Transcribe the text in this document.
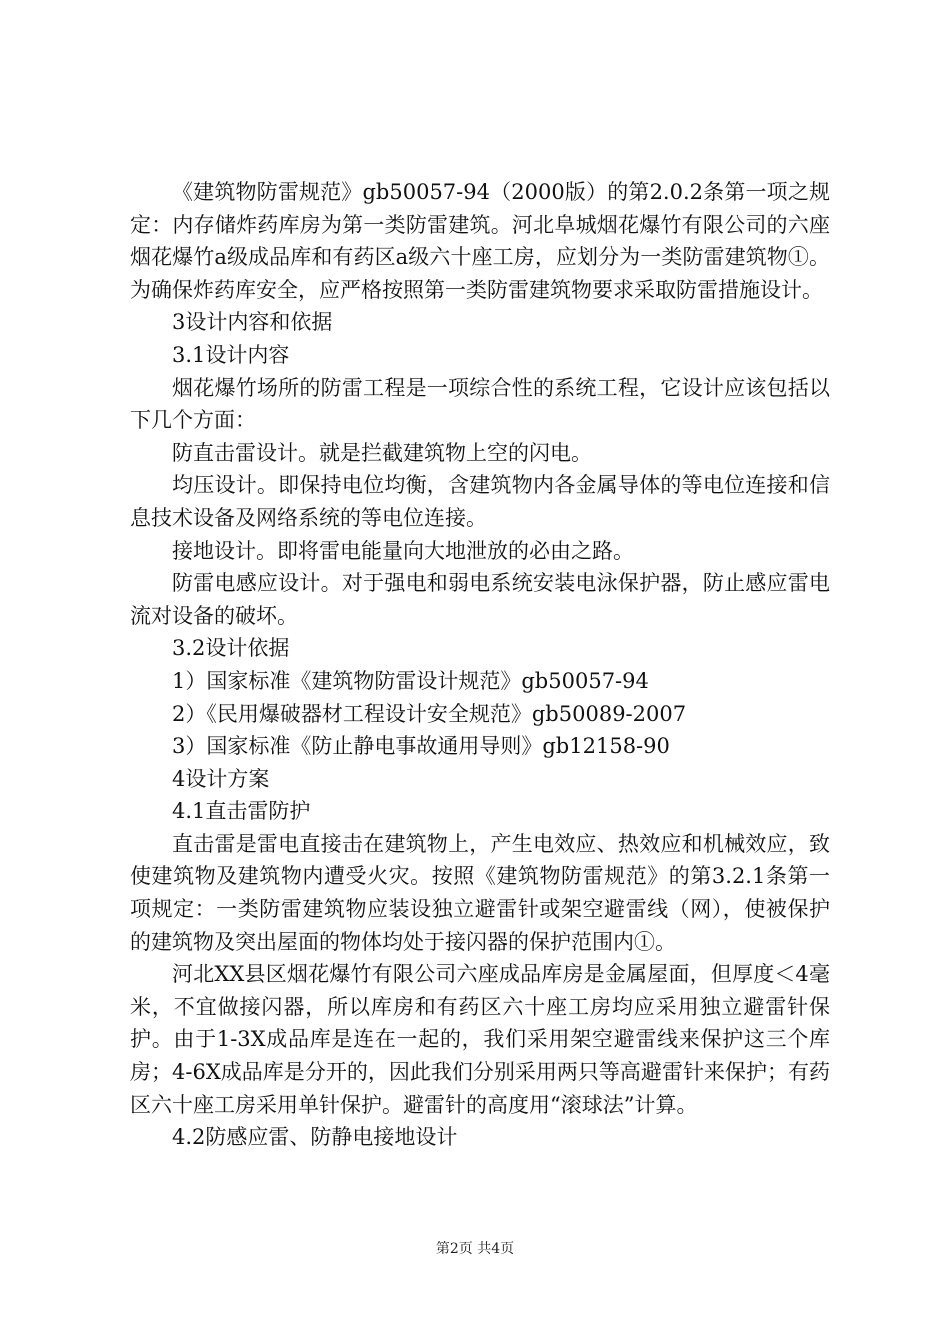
《建筑物防雷规范》gb50057-94（2000版）的第2.0.2条第一项之规定：内存储炸药库房为第一类防雷建筑。河北阜城烟花爆竹有限公司的六座烟花爆竹a级成品库和有药区a级六十座工房，应划分为一类防雷建筑物①。为确保炸药库安全，应严格按照第一类防雷建筑物要求采取防雷措施设计。

3设计内容和依据

3.1设计内容

烟花爆竹场所的防雷工程是一项综合性的系统工程，它设计应该包括以下几个方面：

防直击雷设计。就是拦截建筑物上空的闪电。

均压设计。即保持电位均衡，含建筑物内各金属导体的等电位连接和信息技术设备及网络系统的等电位连接。

接地设计。即将雷电能量向大地泄放的必由之路。

防雷电感应设计。对于强电和弱电系统安装电泳保护器，防止感应雷电流对设备的破坏。

3.2设计依据

1）国家标准《建筑物防雷设计规范》gb50057-94

2）《民用爆破器材工程设计安全规范》gb50089-2007

3）国家标准《防止静电事故通用导则》gb12158-90

4设计方案

4.1直击雷防护

直击雷是雷电直接击在建筑物上，产生电效应、热效应和机械效应，致使建筑物及建筑物内遭受火灾。按照《建筑物防雷规范》的第3.2.1条第一项规定：一类防雷建筑物应装设独立避雷针或架空避雷线（网），使被保护的建筑物及突出屋面的物体均处于接闪器的保护范围内①。

河北XX县区烟花爆竹有限公司六座成品库房是金属屋面，但厚度＜4毫米，不宜做接闪器，所以库房和有药区六十座工房均应采用独立避雷针保护。由于1-3X成品库是连在一起的，我们采用架空避雷线来保护这三个库房；4-6X成品库是分开的，因此我们分别采用两只等高避雷针来保护；有药区六十座工房采用单针保护。避雷针的高度用“滚球法”计算。

4.2防感应雷、防静电接地设计

第2页 共4页
